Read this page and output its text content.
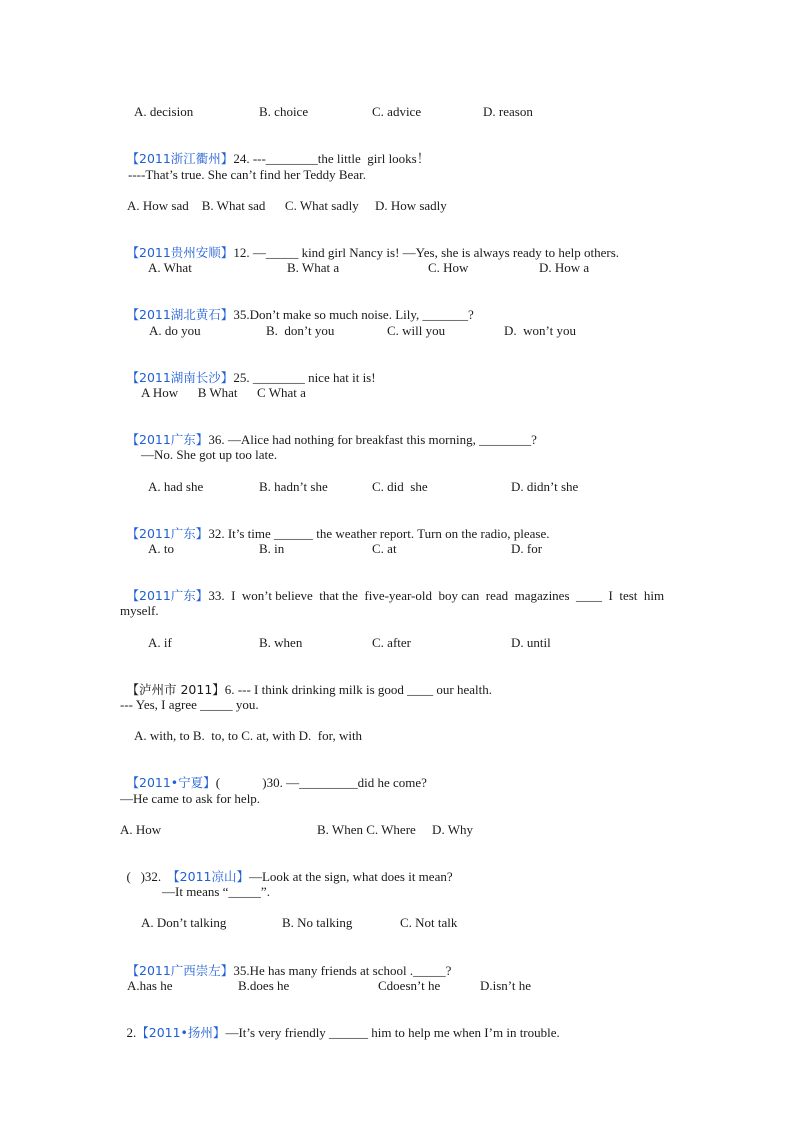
A. decision	B. choice	C. advice	D. reason

【2011浙江衢州】24. ---________the little  girl looks！

----That’s true. She can’t find her Teddy Bear.
A. How sad    B. What sad      C. What sadly     D. How sadly

【2011贵州安顺】12. —_____ kind girl Nancy is! —Yes, she is always ready to help others.

A. What	B. What a	C. How	D. How a

【2011湖北黄石】35.Don’t make so much noise. Lily, _______?

A. do you	B.  don’t you	C. will you	D.  won’t you

【2011湖南长沙】25. ________ nice hat it is!

A How      B What      C What a

【2011广东】36. —Alice had nothing for breakfast this morning, ________?

—No. She got up too late.
A. had she	B. hadn’t she	C. did  she	D. didn’t she

【2011广东】32. It’s time ______ the weather report. Turn on the radio, please.

A. to	B. in	C. at	D. for

【2011广东】33.  I  won’t believe  that the  five-year-old  boy can  read  magazines  ____  I  test  him

myself.
A. if	B. when	C. after	D. until

【泸州市 2011】6. --- I think drinking milk is good ____ our health.

--- Yes, I agree _____ you.
A. with, to B.  to, to C. at, with D.  for, with

【2011•宁夏】(             )30. —_________did he come?

—He came to ask for help.
A. How	B. When C. Where     D. Why

(   )32. 【2011凉山】—Look at the sign, what does it mean?

—It means “_____”.
A. Don’t talking	B. No talking	C. Not talk

【2011广西崇左】35.He has many friends at school ._____?

A.has he	B.does he	Cdoesn’t he	D.isn’t he

2.【2011•扬州】—It’s very friendly ______ him to help me when I’m in trouble.
